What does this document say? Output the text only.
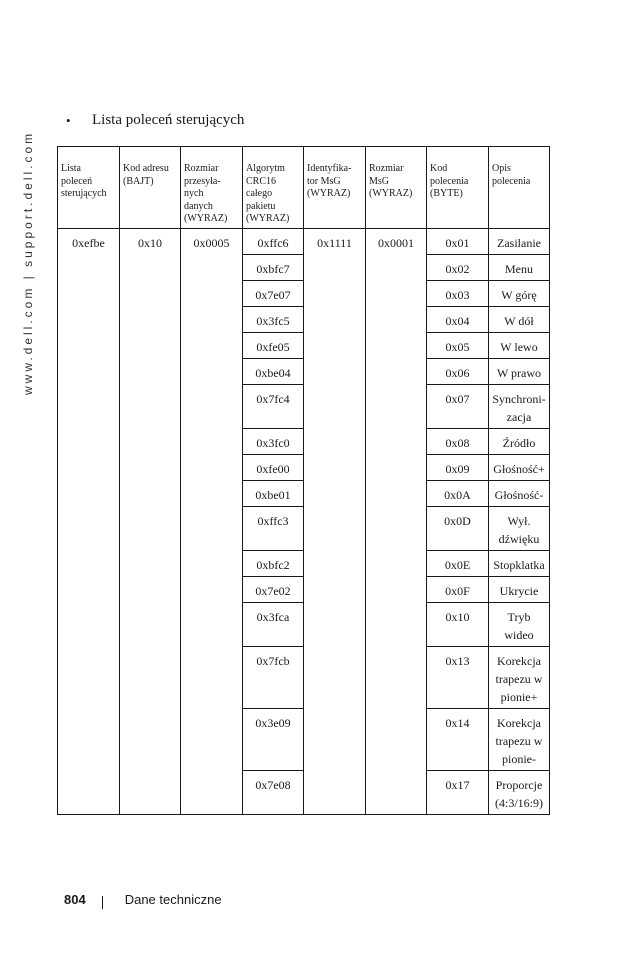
www.dell.com | support.dell.com
•	Lista poleceń sterujących
Lista
poleceń
sterujących	Kod adresu
(BAJT)	Rozmiar
przesyła-
nych
danych
(WYRAZ)	Algorytm
CRC16
całego
pakietu
(WYRAZ)	Identyfika-
tor MsG
(WYRAZ)	Rozmiar
MsG
(WYRAZ)	Kod
polecenia
(BYTE)	Opis
polecenia
0xefbe	0x10	0x0005	0xffc6	0x1111	0x0001	0x01	Zasilanie
			0xbfc7			0x02	Menu
			0x7e07			0x03	W górę
			0x3fc5			0x04	W dół
			0xfe05			0x05	W lewo
			0xbe04			0x06	W prawo
			0x7fc4			0x07	Synchroni-
zacja
			0x3fc0			0x08	Źródło
			0xfe00			0x09	Głośność+
			0xbe01			0x0A	Głośność-
			0xffc3			0x0D	Wył.
dźwięku
			0xbfc2			0x0E	Stopklatka
			0x7e02			0x0F	Ukrycie
			0x3fca			0x10	Tryb
wideo
			0x7fcb			0x13	Korekcja
trapezu w
pionie+
			0x3e09			0x14	Korekcja
trapezu w
pionie-
			0x7e08			0x17	Proporcje
(4:3/16:9)
804	Dane techniczne
